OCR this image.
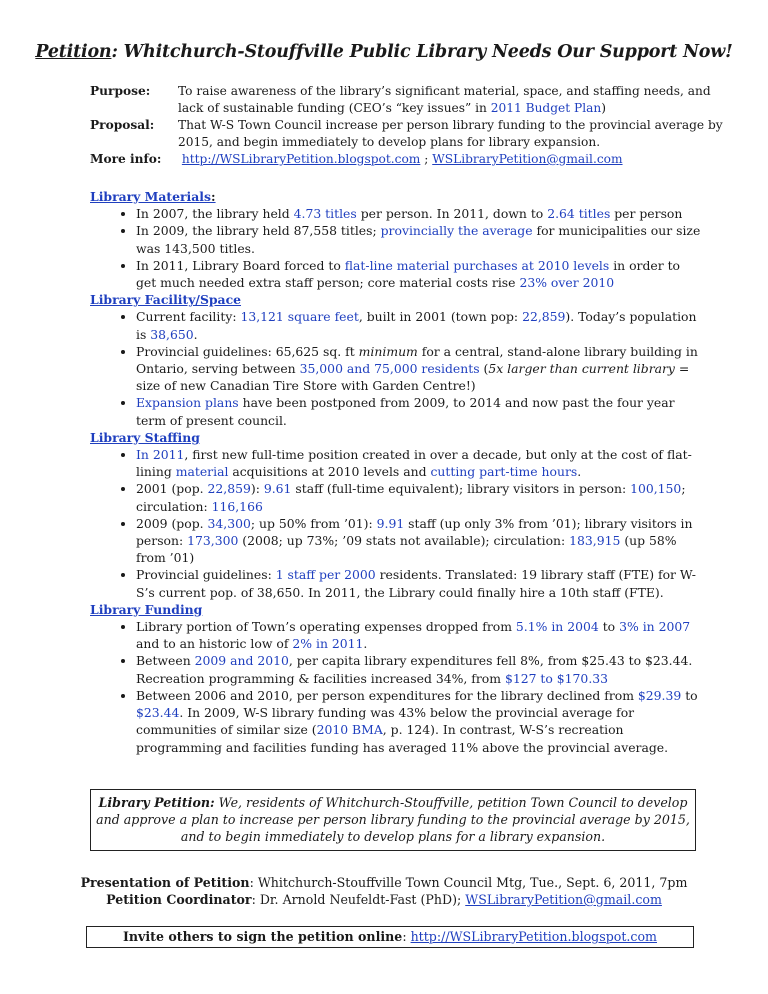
Petition: Whitchurch-Stouffville Public Library Needs Our Support Now!
Purpose:	To raise awareness of the library’s significant material, space, and staffing needs, and lack of sustainable funding (CEO’s “key issues” in 2011 Budget Plan)
Proposal:	That W-S Town Council increase per person library funding to the provincial average by 2015, and begin immediately to develop plans for library expansion.
More info:	http://WSLibraryPetition.blogspot.com ; WSLibraryPetition@gmail.com
Library Materials:
• In 2007, the library held 4.73 titles per person. In 2011, down to 2.64 titles per person
• In 2009, the library held 87,558 titles; provincially the average for municipalities our size was 143,500 titles.
• In 2011, Library Board forced to flat-line material purchases at 2010 levels in order to get much needed extra staff person; core material costs rise 23% over 2010
Library Facility/Space
• Current facility: 13,121 square feet, built in 2001 (town pop: 22,859). Today’s population is 38,650.
• Provincial guidelines: 65,625 sq. ft minimum for a central, stand-alone library building in Ontario, serving between 35,000 and 75,000 residents (5x larger than current library = size of new Canadian Tire Store with Garden Centre!)
• Expansion plans have been postponed from 2009, to 2014 and now past the four year term of present council.
Library Staffing
• In 2011, first new full-time position created in over a decade, but only at the cost of flat-lining material acquisitions at 2010 levels and cutting part-time hours.
• 2001 (pop. 22,859): 9.61 staff (full-time equivalent); library visitors in person: 100,150; circulation: 116,166
• 2009 (pop. 34,300; up 50% from ’01): 9.91 staff (up only 3% from ’01); library visitors in person: 173,300 (2008; up 73%; ’09 stats not available); circulation: 183,915 (up 58% from ’01)
• Provincial guidelines: 1 staff per 2000 residents. Translated: 19 library staff (FTE) for W-S’s current pop. of 38,650. In 2011, the Library could finally hire a 10th staff (FTE).
Library Funding
• Library portion of Town’s operating expenses dropped from 5.1% in 2004 to 3% in 2007 and to an historic low of 2% in 2011.
• Between 2009 and 2010, per capita library expenditures fell 8%, from $25.43 to $23.44. Recreation programming & facilities increased 34%, from $127 to $170.33
• Between 2006 and 2010, per person expenditures for the library declined from $29.39 to $23.44. In 2009, W-S library funding was 43% below the provincial average for communities of similar size (2010 BMA, p. 124). In contrast, W-S’s recreation programming and facilities funding has averaged 11% above the provincial average.
Library Petition: We, residents of Whitchurch-Stouffville, petition Town Council to develop and approve a plan to increase per person library funding to the provincial average by 2015, and to begin immediately to develop plans for a library expansion.
Presentation of Petition: Whitchurch-Stouffville Town Council Mtg, Tue., Sept. 6, 2011, 7pm
Petition Coordinator: Dr. Arnold Neufeldt-Fast (PhD); WSLibraryPetition@gmail.com
Invite others to sign the petition online: http://WSLibraryPetition.blogspot.com
